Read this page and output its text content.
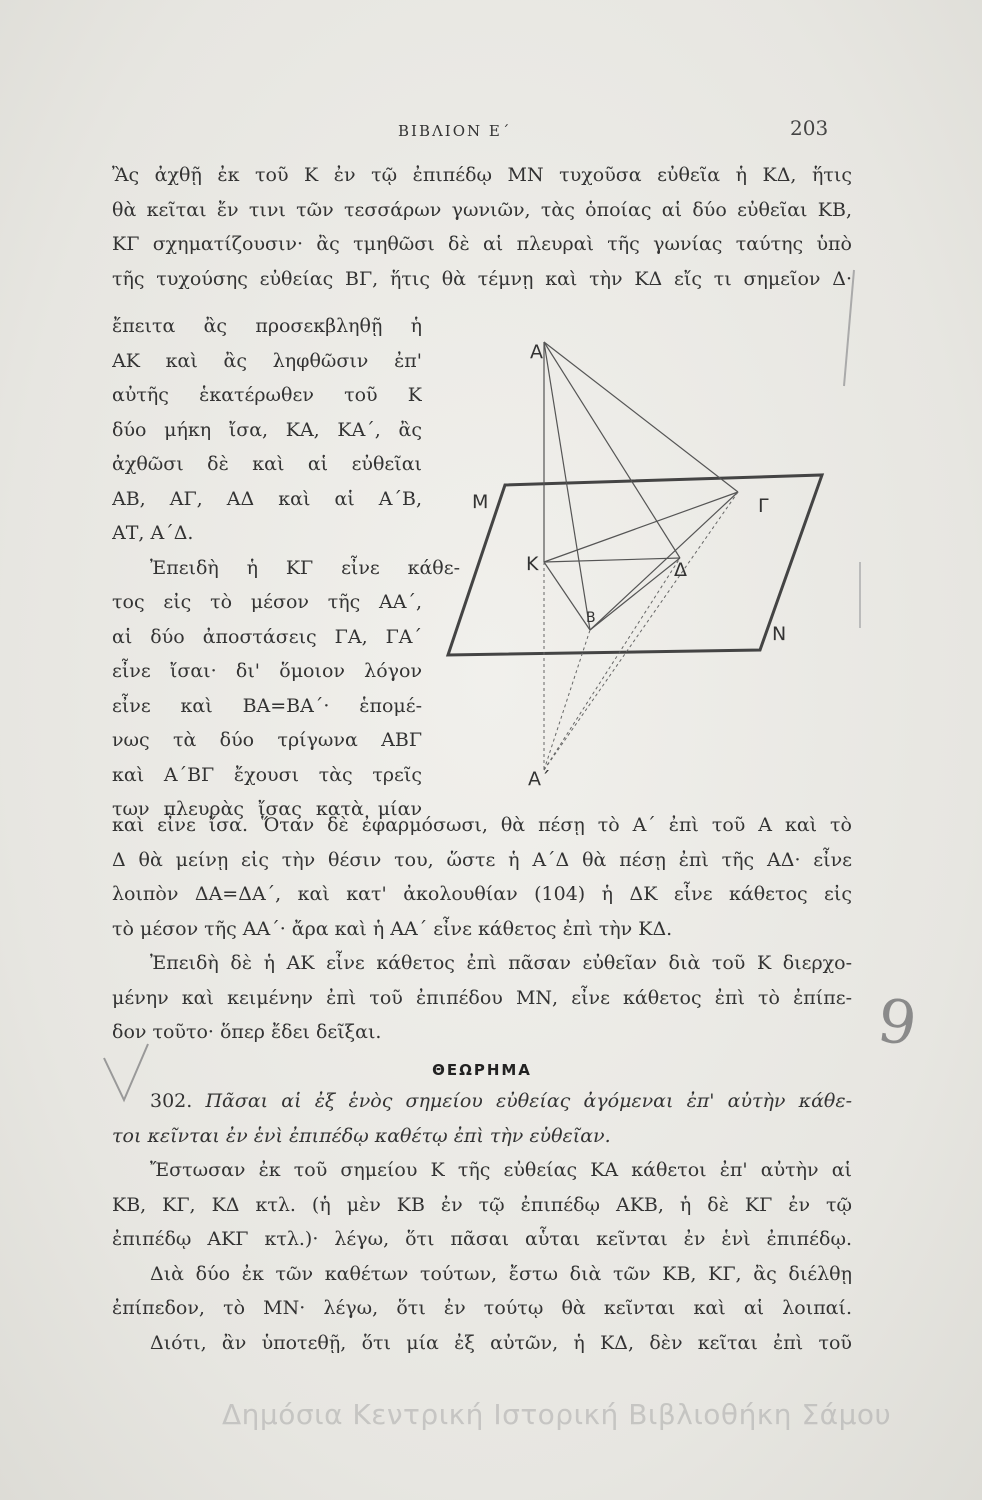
ΒΙΒΛΙΟΝ Ε΄	203
Ἂς ἀχθῇ ἐκ τοῦ Κ ἐν τῷ ἐπιπέδῳ ΜΝ τυχοῦσα εὐθεῖα ἡ ΚΔ, ἥτις
θὰ κεῖται ἔν τινι τῶν τεσσάρων γωνιῶν, τὰς ὁποίας αἱ δύο εὐθεῖαι ΚΒ,
ΚΓ σχηματίζουσιν· ἂς τμηθῶσι δὲ αἱ πλευραὶ τῆς γωνίας ταύτης ὑπὸ
τῆς τυχούσης εὐθείας ΒΓ, ἥτις θὰ τέμνῃ καὶ τὴν ΚΔ εἴς τι σημεῖον Δ·
ἔπειτα ἂς προσεκβληθῇ ἡ
ΑΚ καὶ ἂς ληφθῶσιν ἐπ'
αὐτῆς ἑκατέρωθεν τοῦ Κ
δύο μήκη ἴσα, ΚΑ, ΚΑ΄, ἂς
ἀχθῶσι δὲ καὶ αἱ εὐθεῖαι
ΑΒ, ΑΓ, ΑΔ καὶ αἱ Α΄Β,
ΑΤ, Α΄Δ.
Ἐπειδὴ ἡ ΚΓ εἶνε κάθε-
τος εἰς τὸ μέσον τῆς ΑΑ΄,
αἱ δύο ἀποστάσεις ΓΑ, ΓΑ΄
εἶνε ἴσαι· δι' ὅμοιον λόγον
εἶνε καὶ ΒΑ=ΒΑ΄· ἑπομέ-
νως τὰ δύο τρίγωνα ΑΒΓ
καὶ Α΄ΒΓ ἔχουσι τὰς τρεῖς
των πλευρὰς ἴσας κατὰ μίαν
Α
Μ	Γ
Κ	Δ
Β
Ν
Α΄
καὶ εἶνε ἴσα. Ὅταν δὲ ἐφαρμόσωσι, θὰ πέσῃ τὸ Α΄ ἐπὶ τοῦ Α καὶ τὸ
Δ θὰ μείνῃ εἰς τὴν θέσιν του, ὥστε ἡ Α΄Δ θὰ πέσῃ ἐπὶ τῆς ΑΔ· εἶνε
λοιπὸν ΔΑ=ΔΑ΄, καὶ κατ' ἀκολουθίαν (104) ἡ ΔΚ εἶνε κάθετος εἰς
τὸ μέσον τῆς ΑΑ΄· ἄρα καὶ ἡ ΑΑ΄ εἶνε κάθετος ἐπὶ τὴν ΚΔ.
Ἐπειδὴ δὲ ἡ ΑΚ εἶνε κάθετος ἐπὶ πᾶσαν εὐθεῖαν διὰ τοῦ Κ διερχο-
μένην καὶ κειμένην ἐπὶ τοῦ ἐπιπέδου ΜΝ, εἶνε κάθετος ἐπὶ τὸ ἐπίπε-
δον τοῦτο· ὅπερ ἔδει δεῖξαι.
ΘΕΩΡΗΜΑ
302. Πᾶσαι αἱ ἐξ ἑνὸς σημείου εὐθείας ἀγόμεναι ἐπ' αὐτὴν κάθε-
τοι κεῖνται ἐν ἑνὶ ἐπιπέδῳ καθέτῳ ἐπὶ τὴν εὐθεῖαν.
Ἔστωσαν ἐκ τοῦ σημείου Κ τῆς εὐθείας ΚΑ κάθετοι ἐπ' αὐτὴν αἱ
ΚΒ, ΚΓ, ΚΔ κτλ. (ἡ μὲν ΚΒ ἐν τῷ ἐπιπέδῳ ΑΚΒ, ἡ δὲ ΚΓ ἐν τῷ
ἐπιπέδῳ ΑΚΓ κτλ.)· λέγω, ὅτι πᾶσαι αὗται κεῖνται ἐν ἑνὶ ἐπιπέδῳ.
Διὰ δύο ἐκ τῶν καθέτων τούτων, ἔστω διὰ τῶν ΚΒ, ΚΓ, ἂς διέλθῃ
ἐπίπεδον, τὸ ΜΝ· λέγω, ὅτι ἐν τούτῳ θὰ κεῖνται καὶ αἱ λοιπαί.
Διότι, ἂν ὑποτεθῇ, ὅτι μία ἐξ αὐτῶν, ἡ ΚΔ, δὲν κεῖται ἐπὶ τοῦ
9
Δημόσια Κεντρική Ιστορική Βιβλιοθήκη Σάμου
